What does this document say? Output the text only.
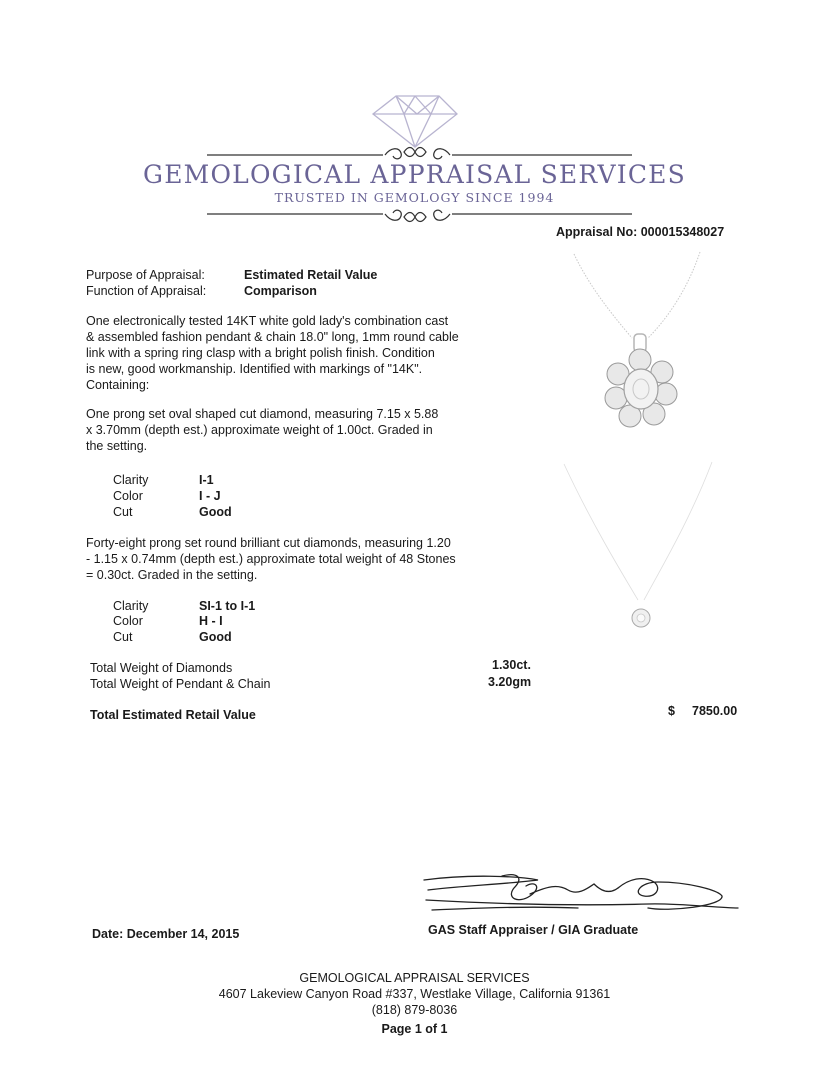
GEMOLOGICAL APPRAISAL SERVICES
TRUSTED IN GEMOLOGY SINCE 1994
Appraisal No: 000015348027
Purpose of Appraisal:	Estimated Retail Value
Function of Appraisal:	Comparison
One electronically tested 14KT white gold lady's combination cast
& assembled fashion pendant & chain 18.0" long, 1mm round cable
link with a spring ring clasp with a bright polish finish. Condition
is new, good workmanship. Identified with markings of "14K".
Containing:
One prong set oval shaped cut diamond, measuring 7.15 x 5.88
x 3.70mm (depth est.) approximate weight of 1.00ct. Graded in
the setting.
Clarity	I-1
Color	I - J
Cut	Good
Forty-eight prong set round brilliant cut diamonds, measuring 1.20
- 1.15 x 0.74mm (depth est.) approximate total weight of 48 Stones
= 0.30ct. Graded in the setting.
Clarity	SI-1 to I-1
Color	H - I
Cut	Good
Total Weight of Diamonds	1.30ct.
Total Weight of Pendant & Chain	3.20gm
Total Estimated Retail Value	$ 7850.00
Date: December 14, 2015	GAS Staff Appraiser / GIA Graduate
GEMOLOGICAL APPRAISAL SERVICES
4607 Lakeview Canyon Road #337, Westlake Village, California 91361
(818) 879-8036
Page 1 of 1
